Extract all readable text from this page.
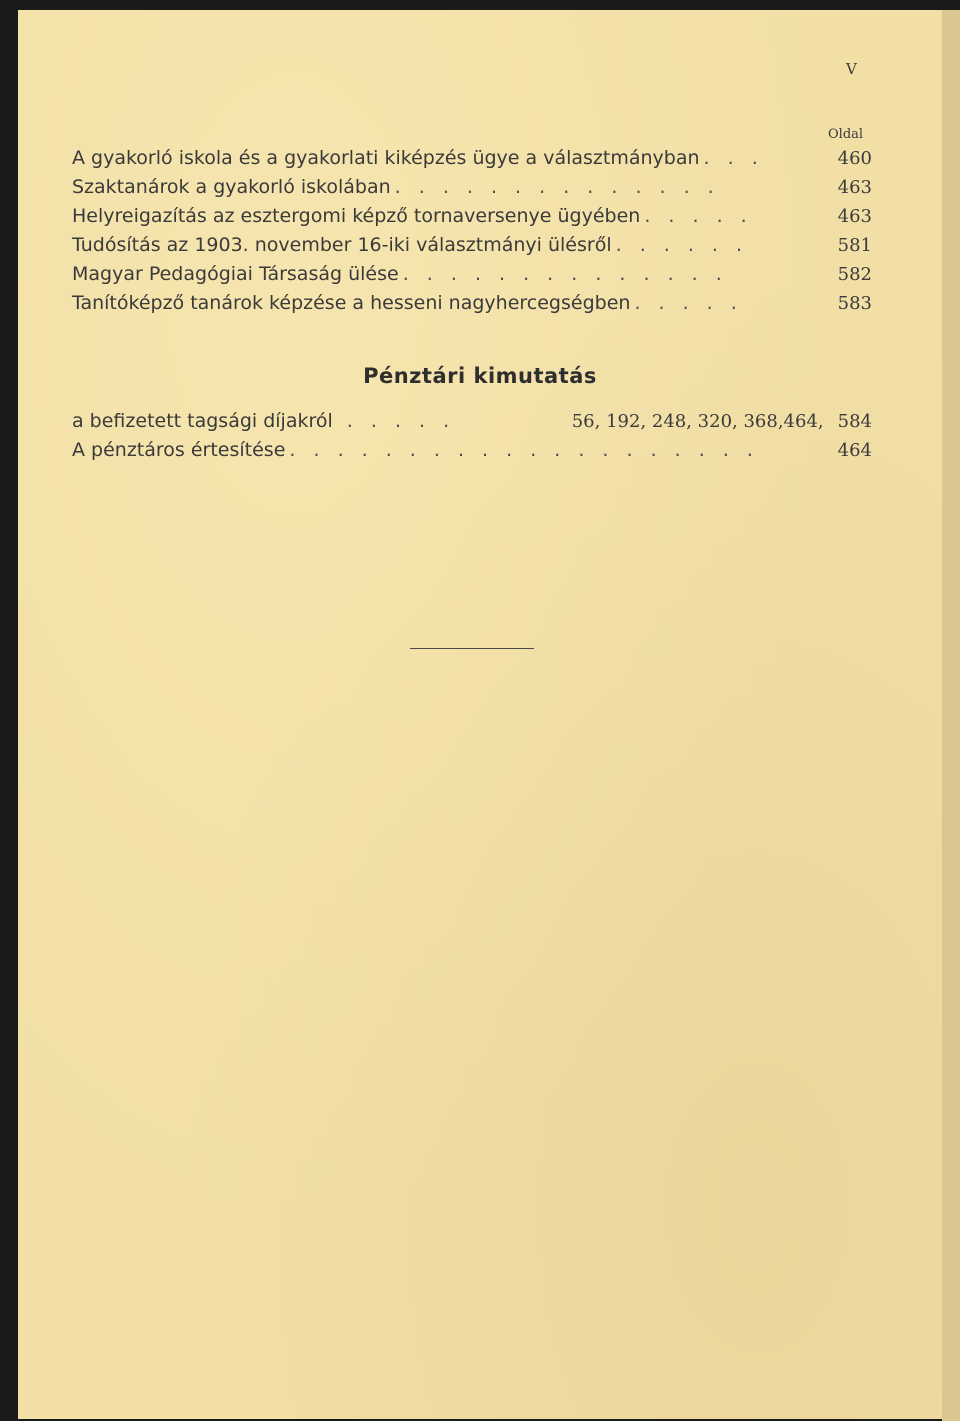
V
Oldal
A gyakorló iskola és a gyakorlati kiképzés ügye a választmányban . . .	460
Szaktanárok a gyakorló iskolában . . . . . . . . . . . . . .	463
Helyreigazítás az esztergomi képző tornaversenye ügyében . . . . .	463
Tudósítás az 1903. november 16-iki választmányi ülésről . . . . . .	581
Magyar Pedagógiai Társaság ülése . . . . . . . . . . . . . .	582
Tanítóképző tanárok képzése a hesseni nagyhercegségben . . . . .	583
Pénztári kimutatás
a befizetett tagsági díjakról . . . . .	56, 192, 248, 320, 368,464, 584
A pénztáros értesítése . . . . . . . . . . . . . . . . . . . .	464
